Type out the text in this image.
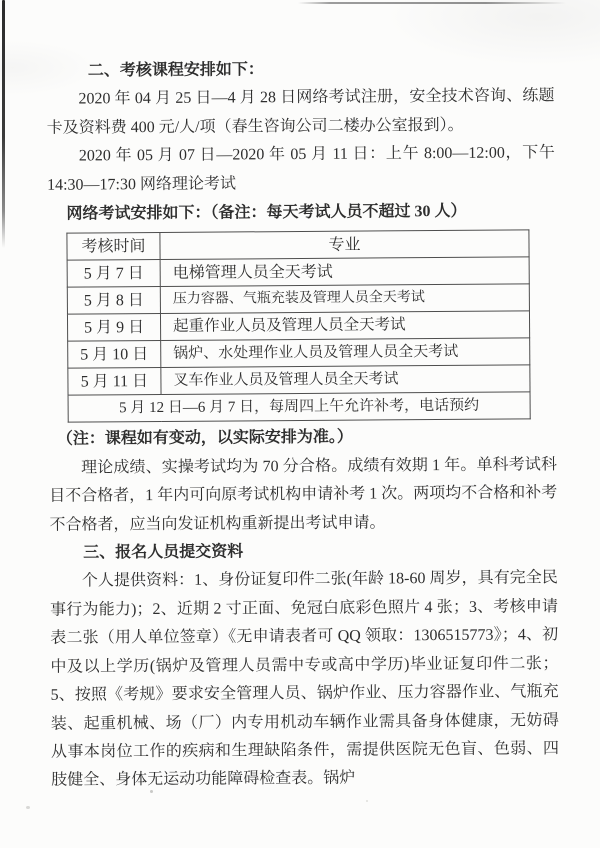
二、考核课程安排如下：

2020 年 04 月 25 日—4 月 28 日网络考试注册，安全技术咨询、练题卡及资料费 400 元/人/项（春生咨询公司二楼办公室报到）。

2020 年 05 月 07 日—2020 年 05 月 11 日：上午 8:00—12:00，下午 14:30—17:30 网络理论考试

网络考试安排如下：（备注：每天考试人员不超过 30 人）

考核时间	专业
5 月 7 日	电梯管理人员全天考试
5 月 8 日	压力容器、气瓶充装及管理人员全天考试
5 月 9 日	起重作业人员及管理人员全天考试
5 月 10 日	锅炉、水处理作业人员及管理人员全天考试
5 月 11 日	叉车作业人员及管理人员全天考试
5 月 12 日—6 月 7 日，每周四上午允许补考，电话预约	

（注：课程如有变动，以实际安排为准。）

理论成绩、实操考试均为 70 分合格。成绩有效期 1 年。单科考试科目不合格者，1 年内可向原考试机构申请补考 1 次。两项均不合格和补考不合格者，应当向发证机构重新提出考试申请。

三、报名人员提交资料

个人提供资料：1、身份证复印件二张(年龄 18-60 周岁，具有完全民事行为能力)；2、近期 2 寸正面、免冠白底彩色照片 4 张；3、考核申请表二张（用人单位签章）《无申请表者可 QQ 领取：1306515773》；4、初中及以上学历(锅炉及管理人员需中专或高中学历)毕业证复印件二张；5、按照《考规》要求安全管理人员、锅炉作业、压力容器作业、气瓶充装、起重机械、场（厂）内专用机动车辆作业需具备身体健康，无妨碍从事本岗位工作的疾病和生理缺陷条件，需提供医院无色盲、色弱、四肢健全、身体无运动功能障碍检查表。锅炉
